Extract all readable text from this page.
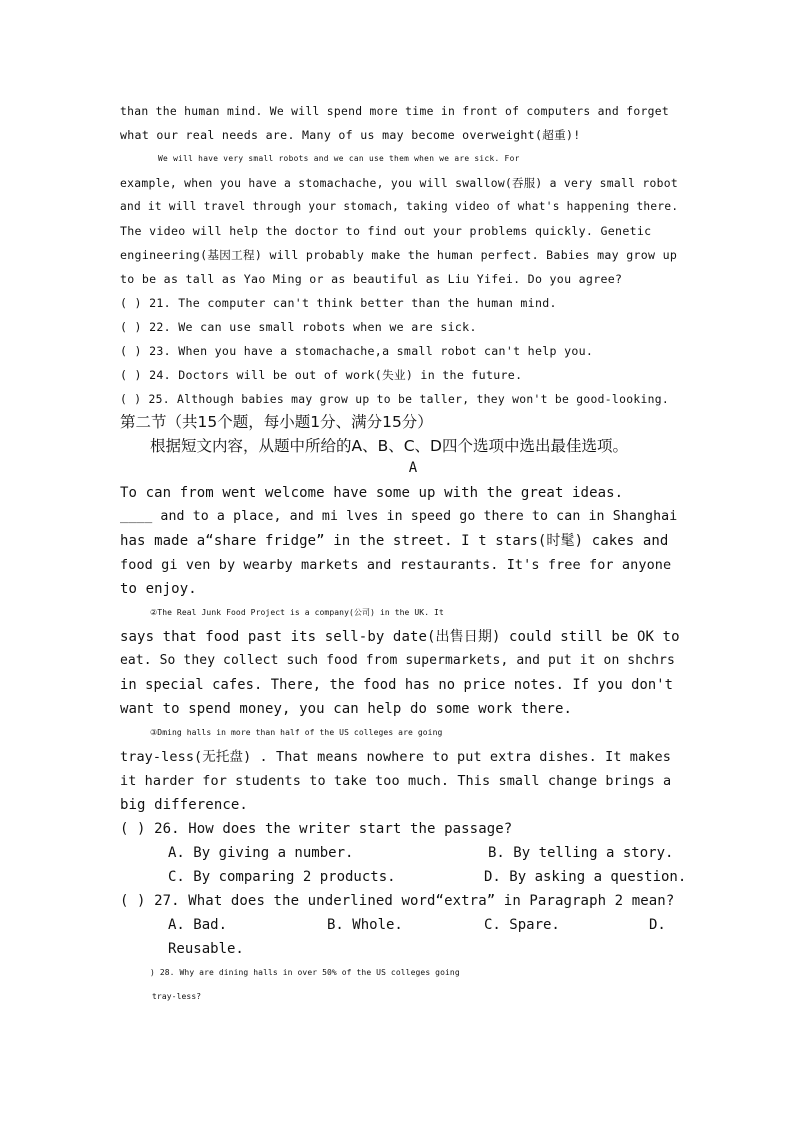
than the human mind. We will spend more time in front of computers and forget
what our real needs are. Many of us may become overweight(超重)!
We will have very small robots and we can use them when we are sick. For
example, when you have a stomachache, you will swallow(吞服) a very small robot
and it will travel through your stomach, taking video of what's happening there.
The video will help the doctor to find out your problems quickly. Genetic
engineering(基因工程) will probably make the human perfect. Babies may grow up
to be as tall as Yao Ming or as beautiful as Liu Yifei. Do you agree?
( ) 21. The computer can't think better than the human mind.
( ) 22. We can use small robots when we are sick.
( ) 23. When you have a stomachache,a small robot can't help you.
( ) 24. Doctors will be out of work(失业) in the future.
( ) 25. Although babies may grow up to be taller, they won't be good-looking.
第二节（共15个题，每小题1分、满分15分）
根据短文内容，从题中所给的A、B、C、D四个选项中选出最佳选项。
A
To can from went welcome have some up with the great ideas.
____ and to a place, and mi lves in speed go there to can in Shanghai
has made a“share fridge” in the street. I t stars(时髦) cakes and
food gi ven by wearby markets and restaurants. It's free for anyone
to enjoy.
②The Real Junk Food Project is a company(公司) in the UK. It
says that food past its sell-by date(出售日期) could still be OK to
eat. So they collect such food from supermarkets, and put it on shchrs
in special cafes. There, the food has no price notes. If you don't
want to spend money, you can help do some work there.
③Dming halls in more than half of the US colleges are going
tray-less(无托盘) . That means nowhere to put extra dishes. It makes
it harder for students to take too much. This small change brings a
big difference.
( ) 26. How does the writer start the passage?
A. By giving a number.	B. By telling a story.
C. By comparing 2 products.	D. By asking a question.
( ) 27. What does the underlined word“extra” in Paragraph 2 mean?
A. Bad.	B. Whole.	C. Spare.	D.
Reusable.
) 28. Why are dining halls in over 50% of the US colleges going
tray-less?
